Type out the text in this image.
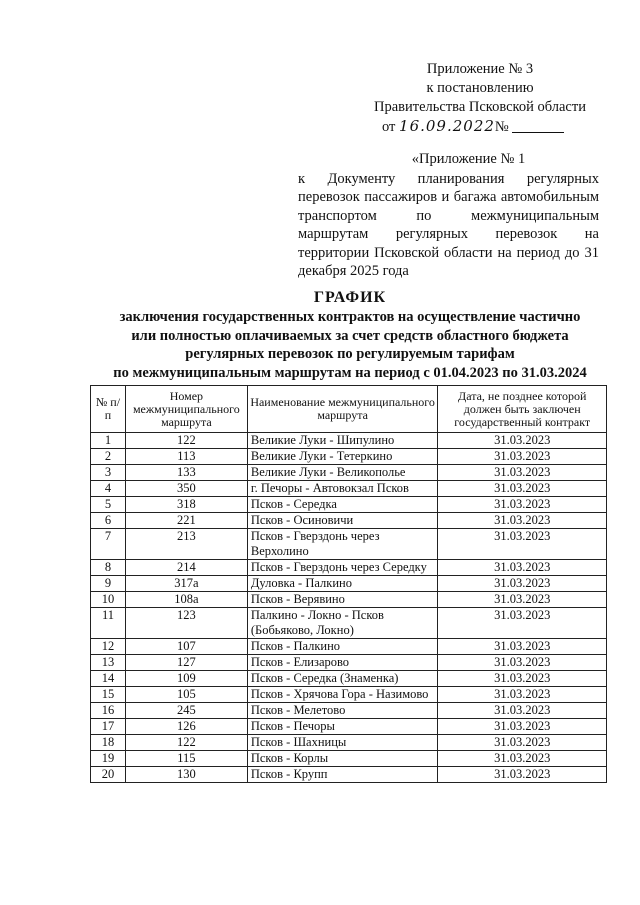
Приложение № 3
к постановлению
Правительства Псковской области
от 16.09.2022№
«Приложение № 1
к Документу планирования регулярных перевозок пассажиров и багажа автомобильным транспортом по межмуниципальным маршрутам регулярных перевозок на территории Псковской области на период до 31 декабря 2025 года
ГРАФИК
заключения государственных контрактов на осуществление частично
или полностью оплачиваемых за счет средств областного бюджета
регулярных перевозок по регулируемым тарифам
по межмуниципальным маршрутам на период с 01.04.2023 по 31.03.2024
№ п/п	Номер межмуниципального маршрута	Наименование межмуниципального маршрута	Дата, не позднее которой должен быть заключен государственный контракт
1	122	Великие Луки - Шипулино	31.03.2023
2	113	Великие Луки - Тетеркино	31.03.2023
3	133	Великие Луки - Великополье	31.03.2023
4	350	г. Печоры - Автовокзал Псков	31.03.2023
5	318	Псков - Середка	31.03.2023
6	221	Псков - Осиновичи	31.03.2023
7	213	Псков - Гверздонь через Верхолино	31.03.2023
8	214	Псков - Гверздонь через Середку	31.03.2023
9	317а	Дуловка - Палкино	31.03.2023
10	108а	Псков - Верявино	31.03.2023
11	123	Палкино - Локно - Псков (Бобьяково, Локно)	31.03.2023
12	107	Псков - Палкино	31.03.2023
13	127	Псков - Елизарово	31.03.2023
14	109	Псков - Середка (Знаменка)	31.03.2023
15	105	Псков - Хрячова Гора - Назимово	31.03.2023
16	245	Псков - Мелетово	31.03.2023
17	126	Псков - Печоры	31.03.2023
18	122	Псков - Шахницы	31.03.2023
19	115	Псков - Корлы	31.03.2023
20	130	Псков - Крупп	31.03.2023
